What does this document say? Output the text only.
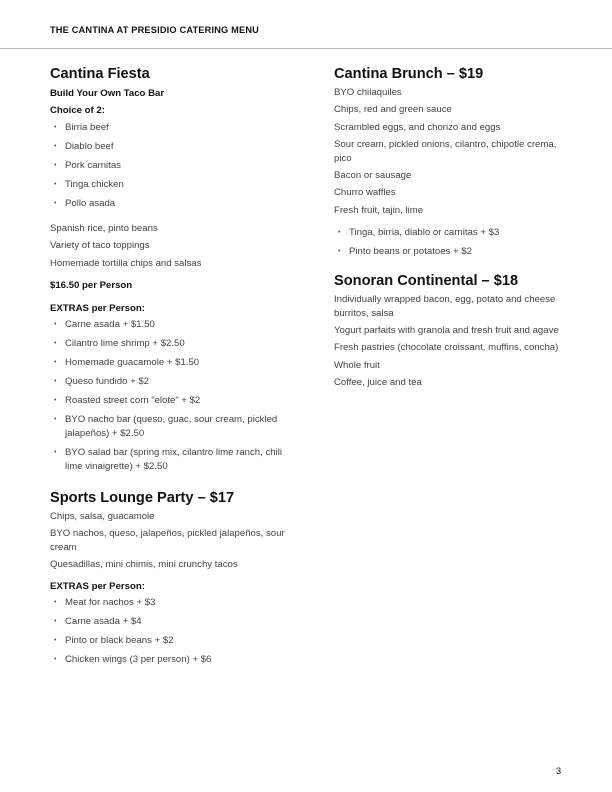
THE CANTINA AT PRESIDIO CATERING MENU
Cantina Fiesta
Build Your Own Taco Bar
Choice of 2:
• Birria beef
• Diablo beef
• Pork carnitas
• Tinga chicken
• Pollo asada

Spanish rice, pinto beans

Variety of taco toppings

Homemade tortilla chips and salsas

$16.50 per Person
EXTRAS per Person:
• Carne asada + $1.50
• Cilantro lime shrimp + $2.50
• Homemade guacamole + $1.50
• Queso fundido + $2
• Roasted street corn “elote” + $2
• BYO nacho bar (queso, guac, sour cream, pickled jalapeños) + $2.50
• BYO salad bar (spring mix, cilantro lime ranch, chili lime vinaigrette) + $2.50
Sports Lounge Party – $17

Chips, salsa, guacamole

BYO nachos, queso, jalapeños, pickled jalapeños, sour cream

Quesadillas, mini chimis, mini crunchy tacos

EXTRAS per Person:
• Meat for nachos + $3
• Carne asada + $4
• Pinto or black beans + $2
• Chicken wings (3 per person) + $6
Cantina Brunch – $19

BYO chilaquiles

Chips, red and green sauce

Scrambled eggs, and chorizo and eggs

Sour cream, pickled onions, cilantro, chipotle crema, pico

Bacon or sausage

Churro waffles

Fresh fruit, tajin, lime

• Tinga, birria, diablo or carnitas + $3
• Pinto beans or potatoes + $2
Sonoran Continental – $18

Individually wrapped bacon, egg, potato and cheese burritos, salsa

Yogurt parfaits with granola and fresh fruit and agave

Fresh pastries (chocolate croissant, muffins, concha)

Whole fruit

Coffee, juice and tea

3
